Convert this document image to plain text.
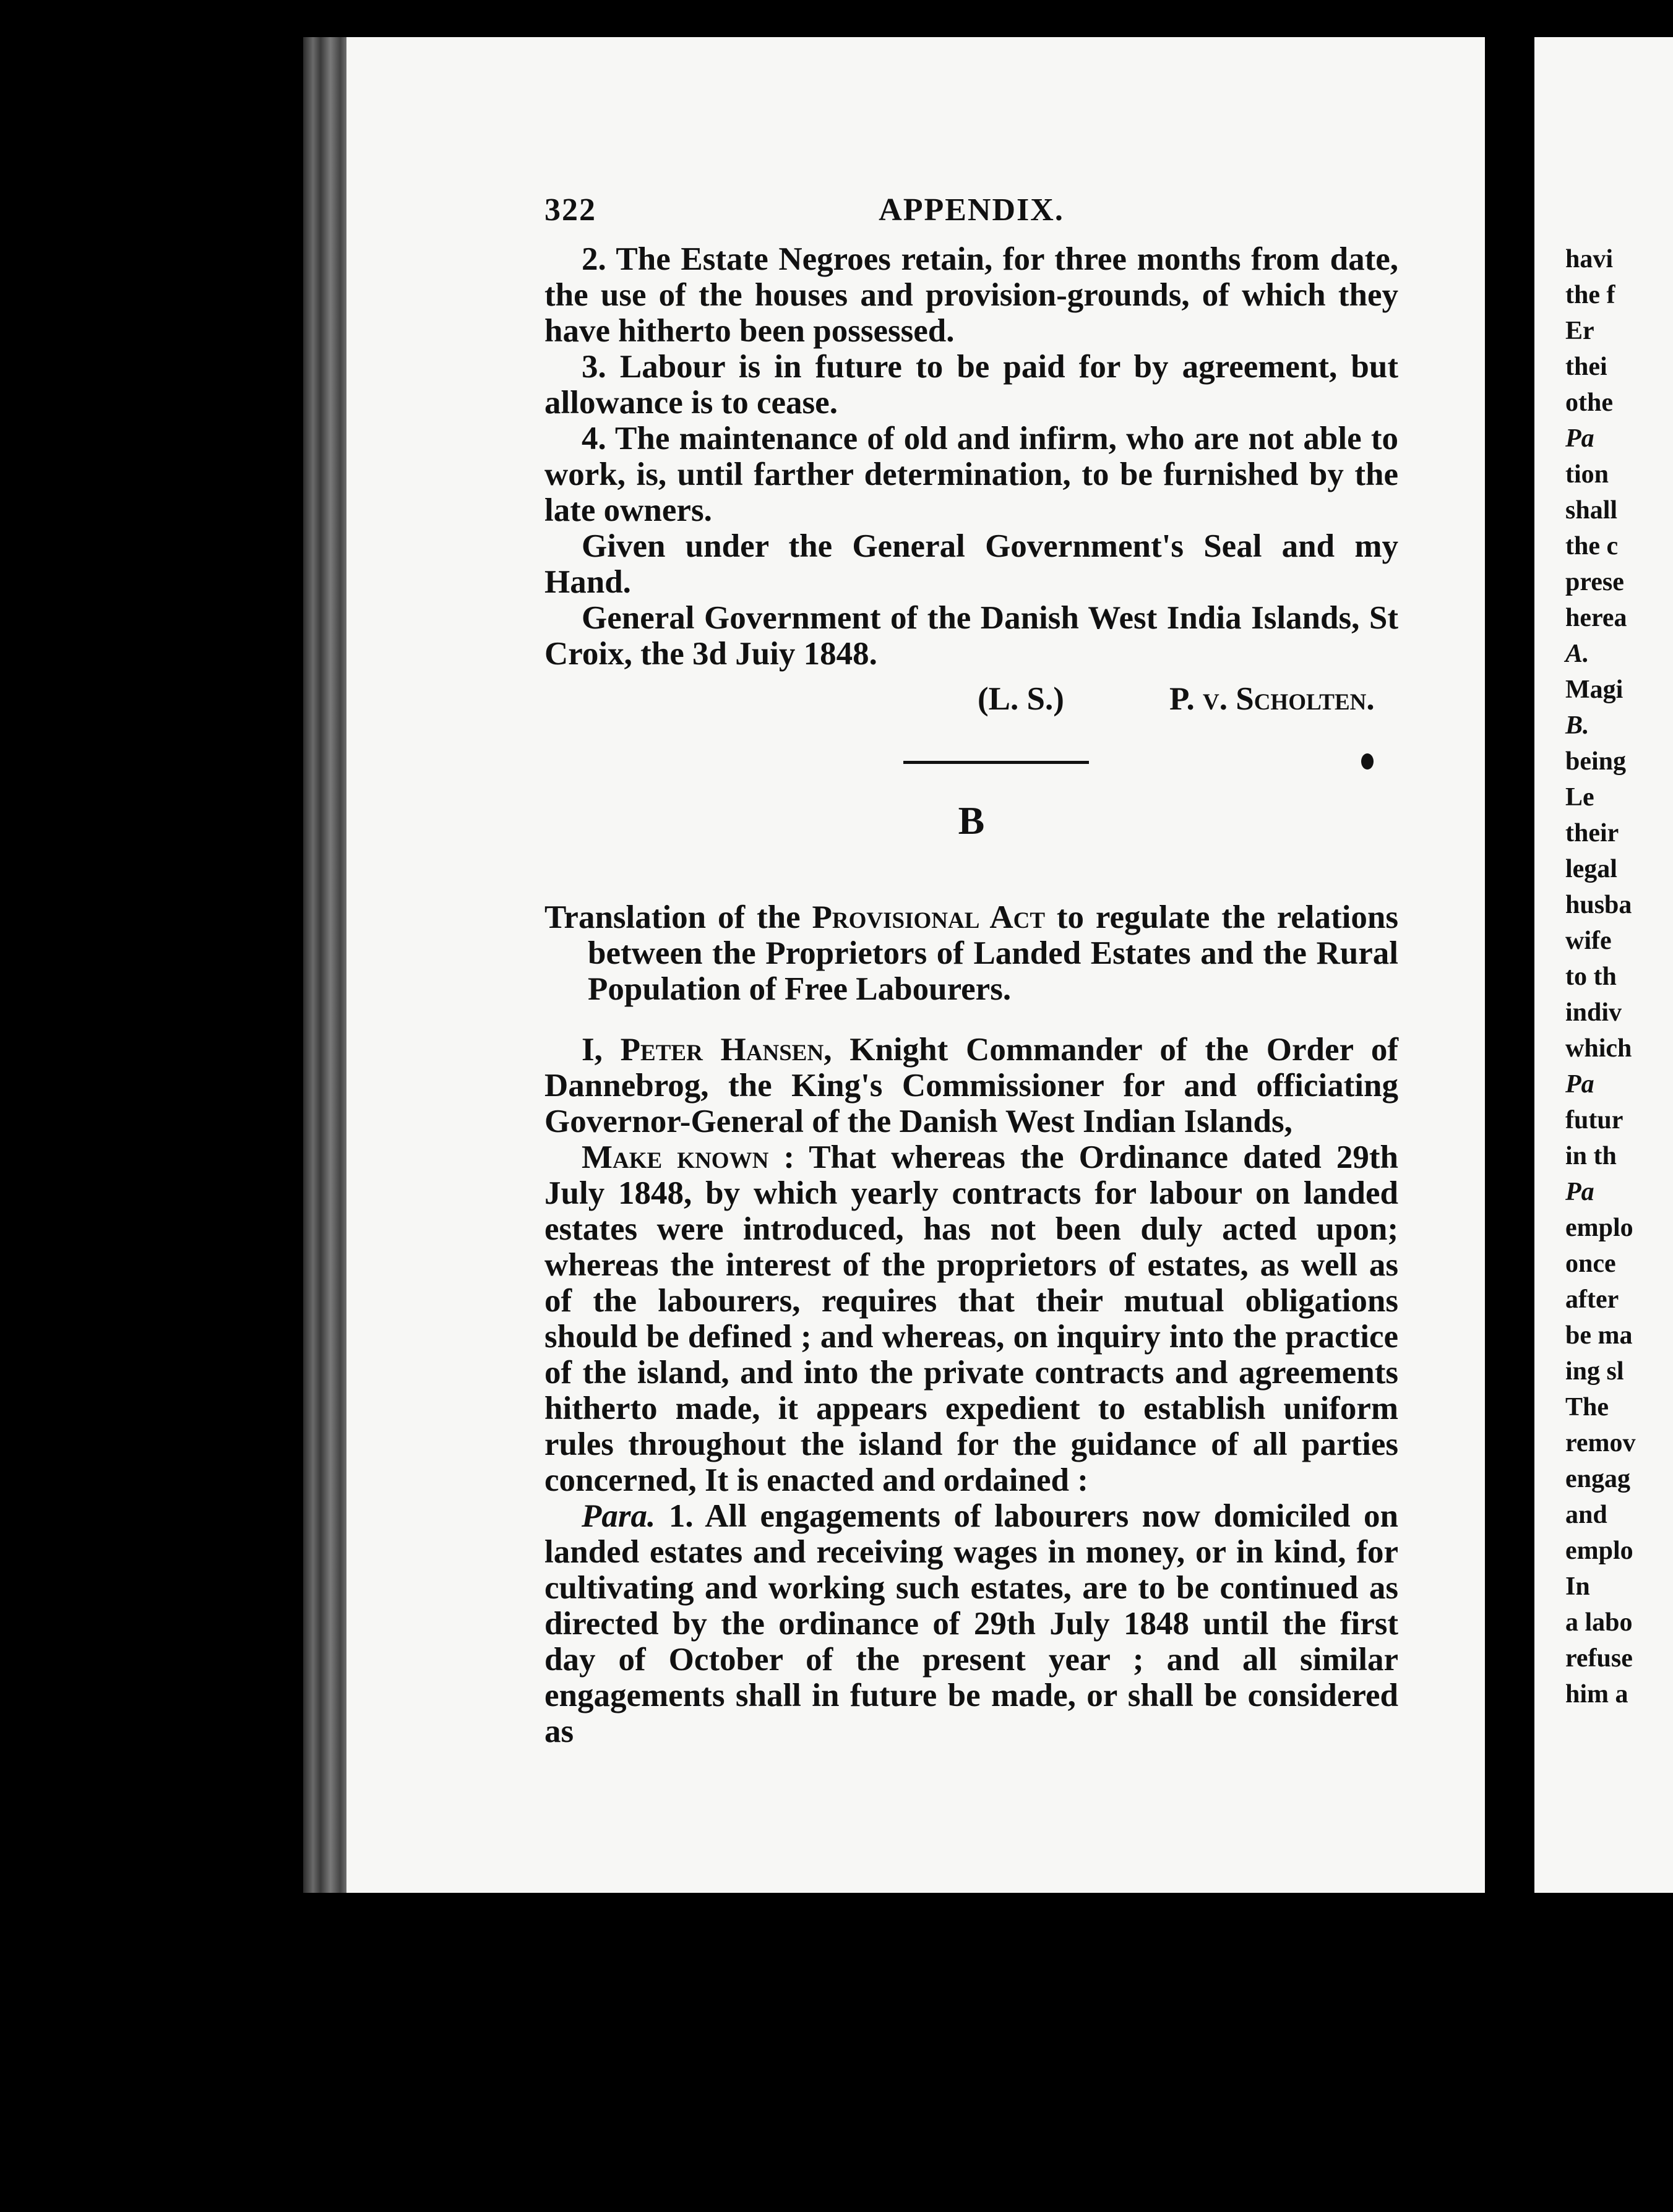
322	APPENDIX.

2. The Estate Negroes retain, for three months from date, the use of the houses and provision-grounds, of which they have hitherto been possessed.

3. Labour is in future to be paid for by agreement, but allowance is to cease.

4. The maintenance of old and infirm, who are not able to work, is, until farther determination, to be furnished by the late owners.

Given under the General Government's Seal and my Hand.

General Government of the Danish West India Islands, St Croix, the 3d Juiy 1848.

(L. S.)	P. v. Scholten.
B

Translation of the Provisional Act to regulate the relations between the Proprietors of Landed Estates and the Rural Population of Free Labourers.

I, Peter Hansen, Knight Commander of the Order of Dannebrog, the King's Commissioner for and officiating Governor-General of the Danish West Indian Islands,

Make known : That whereas the Ordinance dated 29th July 1848, by which yearly contracts for labour on landed estates were introduced, has not been duly acted upon; whereas the interest of the proprietors of estates, as well as of the labourers, requires that their mutual obligations should be defined ; and whereas, on inquiry into the practice of the island, and into the private contracts and agreements hitherto made, it appears expedient to establish uniform rules throughout the island for the guidance of all parties concerned, It is enacted and ordained :

Para. 1. All engagements of labourers now domiciled on landed estates and receiving wages in money, or in kind, for cultivating and working such estates, are to be continued as directed by the ordinance of 29th July 1848 until the first day of October of the present year ; and all similar engagements shall in future be made, or shall be considered as

havi
the f
Er
thei
othe
Pa
tion
shall
the c
prese
herea
A.
Magi
B.
being
Le
their
legal
husba
wife
to th
indiv
which
Pa
futur
in th
Pa
emplo
once
after
be ma
ing sl
The
remov
engag
and
emplo
In
a labo
refuse
him a
